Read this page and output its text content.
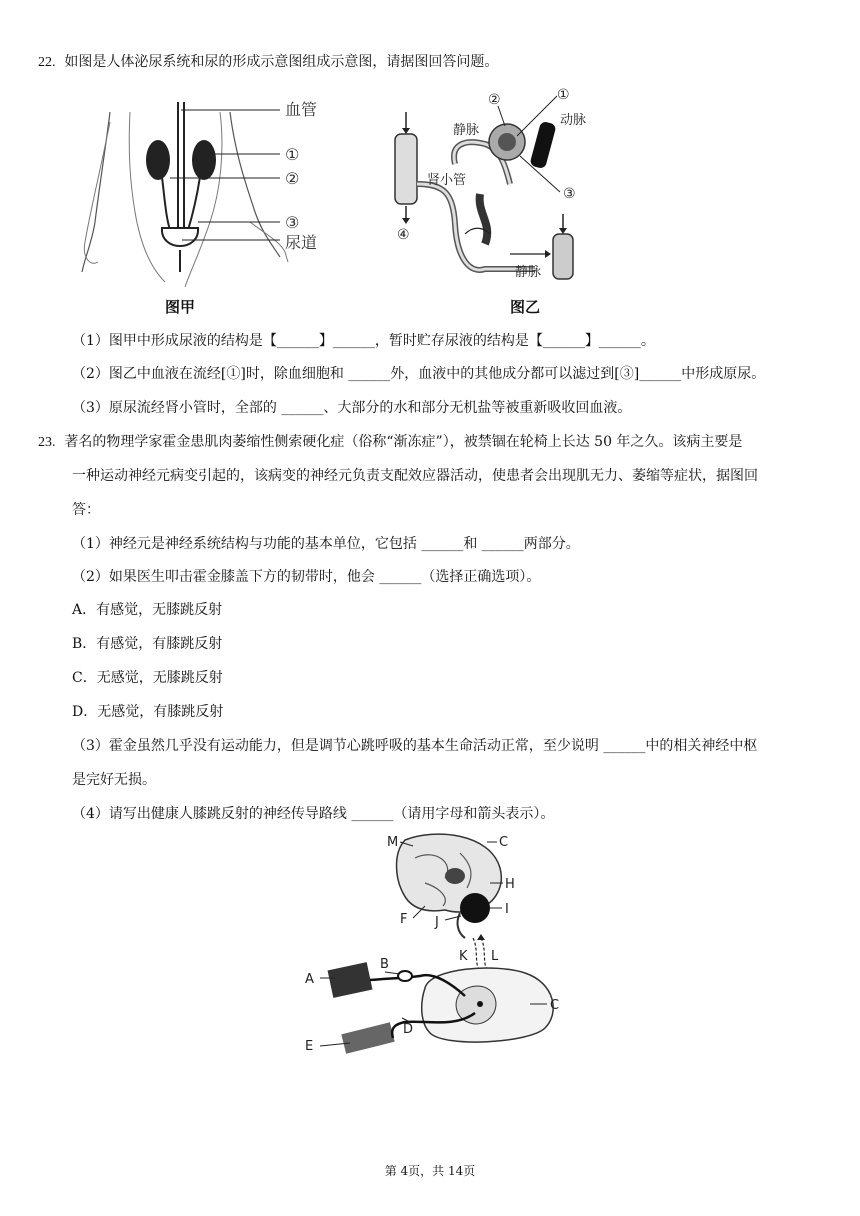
22. 如图是人体泌尿系统和尿的形成示意图组成示意图，请据图回答问题。
血管
①
②
③
尿道
图甲
②	①
静脉
动脉
肾小管
③
④
静脉
图乙
（1）图甲中形成尿液的结构是【______】______，暂时贮存尿液的结构是【______】______。
（2）图乙中血液在流经[①]时，除血细胞和 ______外，血液中的其他成分都可以滤过到[③]______中形成原尿。
（3）原尿流经肾小管时，全部的 ______、大部分的水和部分无机盐等被重新吸收回血液。
23. 著名的物理学家霍金患肌肉萎缩性侧索硬化症（俗称“渐冻症”），被禁锢在轮椅上长达 50 年之久。该病主要是
一种运动神经元病变引起的，该病变的神经元负责支配效应器活动，使患者会出现肌无力、萎缩等症状，据图回
答：
（1）神经元是神经系统结构与功能的基本单位，它包括 ______和 ______两部分。
（2）如果医生叩击霍金膝盖下方的韧带时，他会 ______（选择正确选项）。
A．有感觉，无膝跳反射
B．有感觉，有膝跳反射
C．无感觉，无膝跳反射
D．无感觉，有膝跳反射
（3）霍金虽然几乎没有运动能力，但是调节心跳呼吸的基本生命活动正常，至少说明 ______中的相关神经中枢
是完好无损。
（4）请写出健康人膝跳反射的神经传导路线 ______（请用字母和箭头表示）。
M	C
H
I
F J
K L
A
B
C
D
E
第 4页，共 14页
